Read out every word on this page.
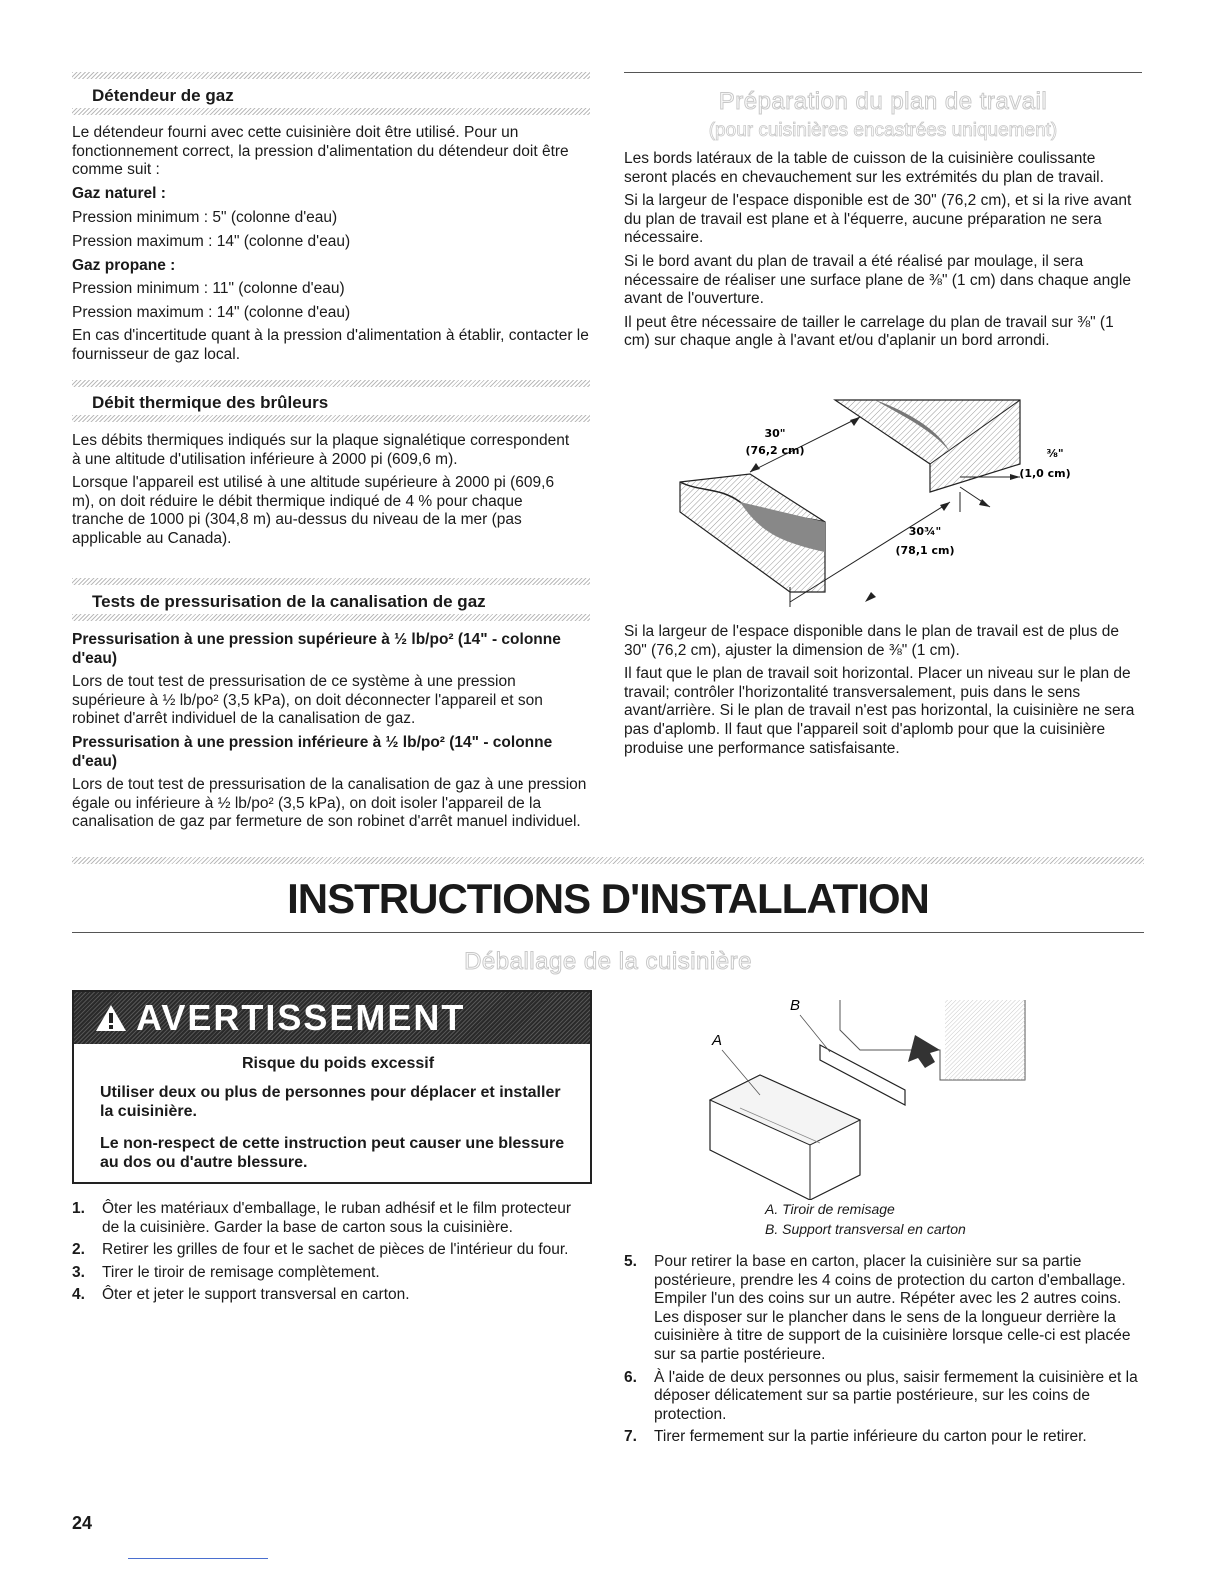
Détendeur de gaz

Le détendeur fourni avec cette cuisinière doit être utilisé. Pour un fonctionnement correct, la pression d'alimentation du détendeur doit être comme suit :

Gaz naturel :

Pression minimum : 5" (colonne d'eau)

Pression maximum : 14" (colonne d'eau)

Gaz propane :

Pression minimum : 11" (colonne d'eau)

Pression maximum : 14" (colonne d'eau)

En cas d'incertitude quant à la pression d'alimentation à établir, contacter le fournisseur de gaz local.

Débit thermique des brûleurs

Les débits thermiques indiqués sur la plaque signalétique correspondent à une altitude d'utilisation inférieure à 2000 pi (609,6 m).

Lorsque l'appareil est utilisé à une altitude supérieure à 2000 pi (609,6 m), on doit réduire le débit thermique indiqué de 4 % pour chaque tranche de 1000 pi (304,8 m) au-dessus du niveau de la mer (pas applicable au Canada).

Tests de pressurisation de la canalisation de gaz

Pressurisation à une pression supérieure à ½ lb/po² (14" - colonne d'eau)

Lors de tout test de pressurisation de ce système à une pression supérieure à ½ lb/po² (3,5 kPa), on doit déconnecter l'appareil et son robinet d'arrêt individuel de la canalisation de gaz.

Pressurisation à une pression inférieure à ½ lb/po² (14" - colonne d'eau)

Lors de tout test de pressurisation de la canalisation de gaz à une pression égale ou inférieure à ½ lb/po² (3,5 kPa), on doit isoler l'appareil de la canalisation de gaz par fermeture de son robinet d'arrêt manuel individuel.

Préparation du plan de travail
(pour cuisinières encastrées uniquement)

Les bords latéraux de la table de cuisson de la cuisinière coulissante seront placés en chevauchement sur les extrémités du plan de travail.

Si la largeur de l'espace disponible est de 30" (76,2 cm), et si la rive avant du plan de travail est plane et à l'équerre, aucune préparation ne sera nécessaire.

Si le bord avant du plan de travail a été réalisé par moulage, il sera nécessaire de réaliser une surface plane de ⅜" (1 cm) dans chaque angle avant de l'ouverture.

Il peut être nécessaire de tailler le carrelage du plan de travail sur ⅜" (1 cm) sur chaque angle à l'avant et/ou d'aplanir un bord arrondi.

30"
(76,2 cm)	⅜"
(1,0 cm)
30¾"
(78,1 cm)

Si la largeur de l'espace disponible dans le plan de travail est de plus de 30" (76,2 cm), ajuster la dimension de ⅜" (1 cm).

Il faut que le plan de travail soit horizontal. Placer un niveau sur le plan de travail; contrôler l'horizontalité transversalement, puis dans le sens avant/arrière. Si le plan de travail n'est pas horizontal, la cuisinière ne sera pas d'aplomb. Il faut que l'appareil soit d'aplomb pour que la cuisinière produise une performance satisfaisante.

INSTRUCTIONS D'INSTALLATION
Déballage de la cuisinière
AVERTISSEMENT
Risque du poids excessif
Utiliser deux ou plus de personnes pour déplacer et installer la cuisinière.
Le non-respect de cette instruction peut causer une blessure au dos ou d'autre blessure.
1.	Ôter les matériaux d'emballage, le ruban adhésif et le film protecteur de la cuisinière. Garder la base de carton sous la cuisinière.
2.	Retirer les grilles de four et le sachet de pièces de l'intérieur du four.
3.	Tirer le tiroir de remisage complètement.
4.	Ôter et jeter le support transversal en carton.
B
A
A. Tiroir de remisage
B. Support transversal en carton
5.	Pour retirer la base en carton, placer la cuisinière sur sa partie postérieure, prendre les 4 coins de protection du carton d'emballage. Empiler l'un des coins sur un autre. Répéter avec les 2 autres coins. Les disposer sur le plancher dans le sens de la longueur derrière la cuisinière à titre de support de la cuisinière lorsque celle-ci est placée sur sa partie postérieure.
6.	À l'aide de deux personnes ou plus, saisir fermement la cuisinière et la déposer délicatement sur sa partie postérieure, sur les coins de protection.
7.	Tirer fermement sur la partie inférieure du carton pour le retirer.
24
